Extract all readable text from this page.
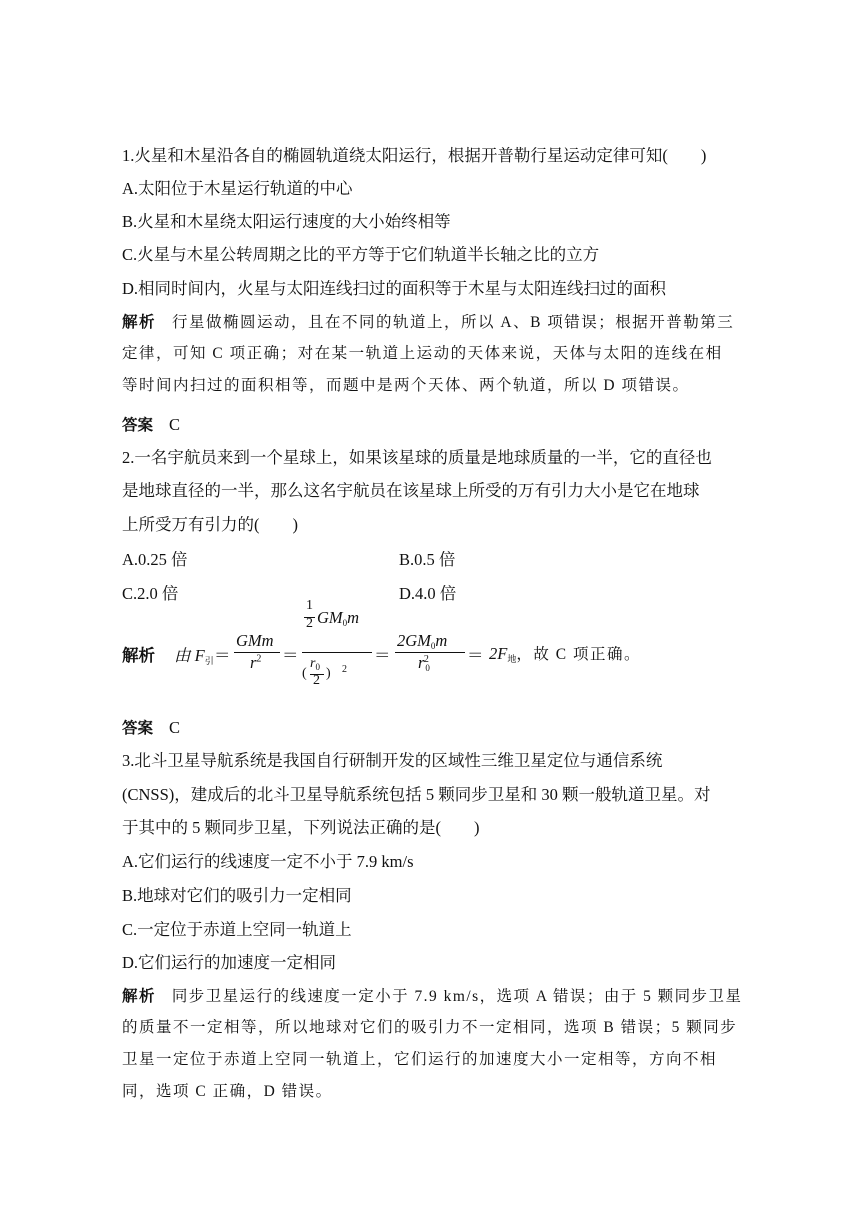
1.火星和木星沿各自的椭圆轨道绕太阳运行，根据开普勒行星运动定律可知(　　)
A.太阳位于木星运行轨道的中心
B.火星和木星绕太阳运行速度的大小始终相等
C.火星与木星公转周期之比的平方等于它们轨道半长轴之比的立方
D.相同时间内，火星与太阳连线扫过的面积等于木星与太阳连线扫过的面积
解析 行星做椭圆运动，且在不同的轨道上，所以 A、B 项错误；根据开普勒第三
定律，可知 C 项正确；对在某一轨道上运动的天体来说，天体与太阳的连线在相
等时间内扫过的面积相等，而题中是两个天体、两个轨道，所以 D 项错误。
答案 C
2.一名宇航员来到一个星球上，如果该星球的质量是地球质量的一半，它的直径也
是地球直径的一半，那么这名宇航员在该星球上所受的万有引力大小是它在地球
上所受万有引力的(　　)
A.0.25 倍	B.0.5 倍
C.2.0 倍	D.4.0 倍
解析 由 $F_引$ ＝
GMm
$r^2$ ＝
1
2 $GM_0m$
(
$r_0$
2 ) 2
＝
$2GM_0m$
$r_0^2 = 2F_地$，故 C 项正确。
答案 C
3.北斗卫星导航系统是我国自行研制开发的区域性三维卫星定位与通信系统
(CNSS)，建成后的北斗卫星导航系统包括 5 颗同步卫星和 30 颗一般轨道卫星。对
于其中的 5 颗同步卫星，下列说法正确的是(　　)
A.它们运行的线速度一定不小于 7.9 km/s
B.地球对它们的吸引力一定相同
C.一定位于赤道上空同一轨道上
D.它们运行的加速度一定相同
解析 同步卫星运行的线速度一定小于 7.9 km/s，选项 A 错误；由于 5 颗同步卫星
的质量不一定相等，所以地球对它们的吸引力不一定相同，选项 B 错误；5 颗同步
卫星一定位于赤道上空同一轨道上，它们运行的加速度大小一定相等，方向不相
同，选项 C 正确，D 错误。
